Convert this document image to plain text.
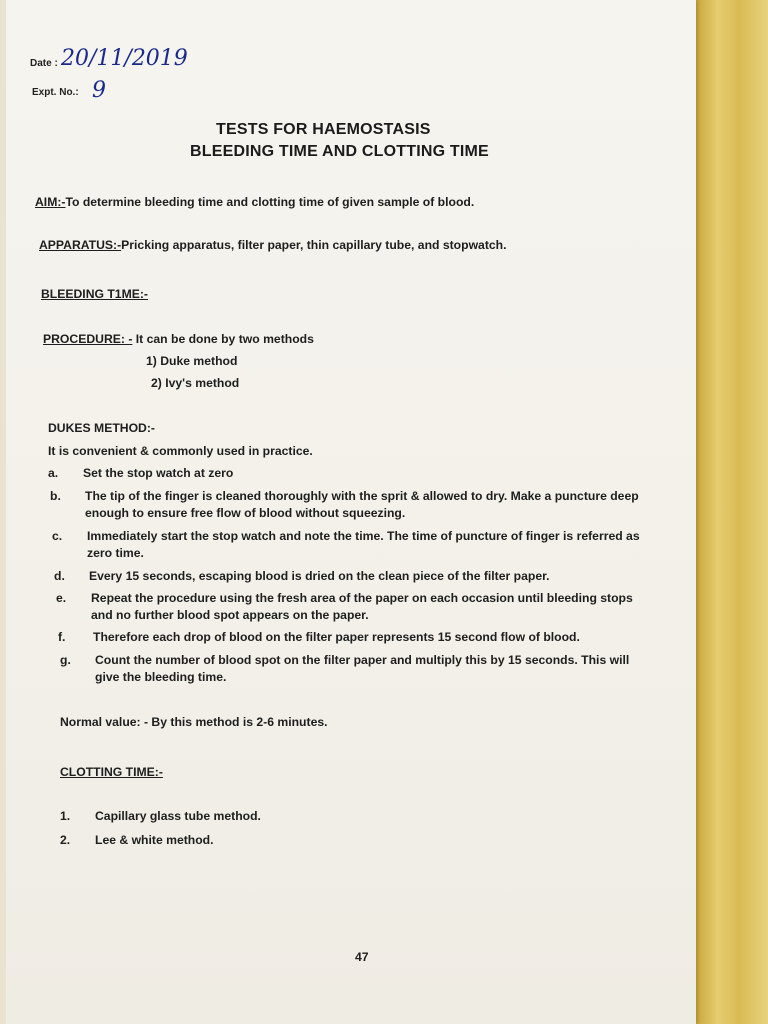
Date : 20/11/2019
Expt. No.: 9
TESTS FOR HAEMOSTASIS
BLEEDING TIME AND CLOTTING TIME
AIM:-To determine bleeding time and clotting time of given sample of blood.
APPARATUS:-Pricking apparatus, filter paper, thin capillary tube, and stopwatch.
BLEEDING T1ME:-
PROCEDURE: - It can be done by two methods
1) Duke method
2) Ivy's method
DUKES METHOD:-
It is convenient & commonly used in practice.
a. Set the stop watch at zero
b. The tip of the finger is cleaned thoroughly with the sprit & allowed to dry. Make a puncture deep enough to ensure free flow of blood without squeezing.
c. Immediately start the stop watch and note the time. The time of puncture of finger is referred as zero time.
d. Every 15 seconds, escaping blood is dried on the clean piece of the filter paper.
e. Repeat the procedure using the fresh area of the paper on each occasion until bleeding stops and no further blood spot appears on the paper.
f. Therefore each drop of blood on the filter paper represents 15 second flow of blood.
g. Count the number of blood spot on the filter paper and multiply this by 15 seconds. This will give the bleeding time.
Normal value: - By this method is 2-6 minutes.
CLOTTING TIME:-
1. Capillary glass tube method.
2. Lee & white method.
47
